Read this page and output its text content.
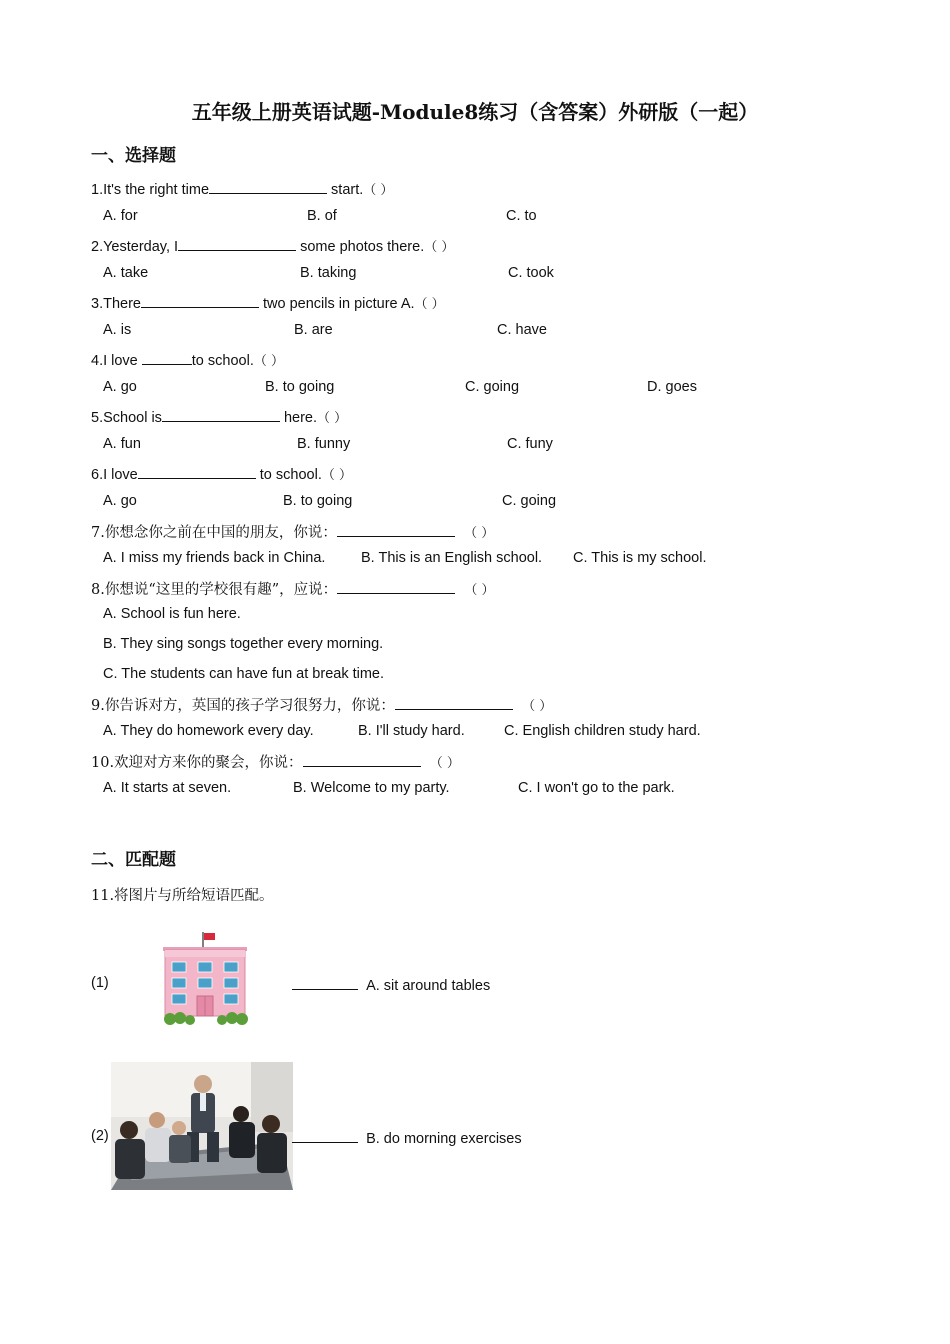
五年级上册英语试题-Module8练习（含答案）外研版（一起）
一、选择题
1.It's the right time	start.（ ）
A. for	B. of	C. to
2.Yesterday, I	some photos there.（ ）
A. take	B. taking	C. took
3.There	two pencils in picture A.（ ）
A. is	B. are	C. have
4.I love	to school.（ ）
A. go	B. to going	C. going	D. goes
5.School is	here.（ ）
A. fun	B. funny	C. funy
6.I love	to school.（ ）
A. go	B. to going	C. going
7.你想念你之前在中国的朋友，你说：	（ ）
A. I miss my friends back in China. B. This is an English school. C. This is my school.
8.你想说“这里的学校很有趣”，应说：	（ ）
A. School is fun here.
B. They sing songs together every morning.
C. The students can have fun at break time.
9.你告诉对方，英国的孩子学习很努力，你说：	（ ）
A. They do homework every day.	B. I'll study hard.	C. English children study hard.
10.欢迎对方来你的聚会，你说：	（ ）
A. It starts at seven.	B. Welcome to my party.	C. I won't go to the park.
二、匹配题
11.将图片与所给短语匹配。
(1)	A. sit around tables
(2)	B. do morning exercises
